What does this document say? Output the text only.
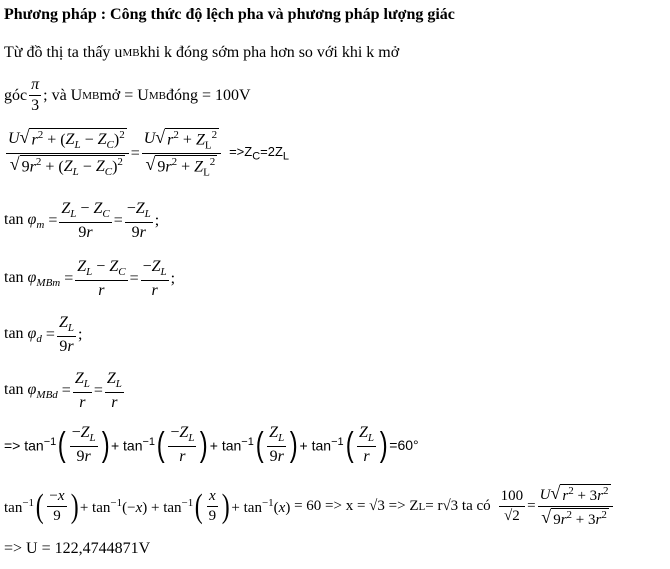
Phương pháp : Công thức độ lệch pha và phương pháp lượng giác
Từ đồ thị ta thấy u MB khi k đóng sớm pha hơn so với khi k mở
góc $\frac{\pi}{3}$ ; và U MB mở = U MB đóng = 100V
$\frac{U √ r^2 + (Z_L - Z_C)^2}{√ 9r^2 + (Z_L - Z_C)^2} = \frac{U √ r^2 + Z_L^2}{√ 9r^2 + Z_L^2} =>Z_C=2Z_L$
$\tan \varphi_m = \frac{Z_L - Z_C}{9r} = \frac{-Z_L}{9r}$ ;
$\tan \varphi_{MBm} = \frac{Z_L - Z_C}{r} = \frac{-Z_L}{r}$ ;
$\tan \varphi_d = \frac{Z_L}{9r}$ ;
$\tan \varphi_{MBd} = \frac{Z_L}{r} = \frac{Z_L}{r}$
=> $\tan^{-1}$ ( $\frac{-Z_L}{9r}$ ) + $\tan^{-1}$ ( $\frac{-Z_L}{r}$ ) + $\tan^{-1}$ ( $\frac{Z_L}{9r}$ ) + $\tan^{-1}$ ( $\frac{Z_L}{r}$ ) =60°
$\tan^{-1}$ ( $\frac{-x}{9}$ ) + $\tan^{-1}(-x) + \tan^{-1}$ ( $\frac{x}{9}$ ) + $\tan^{-1}(x) = 60 => x = √3 => Z$ L = r√3 ta có $\frac{100}{√2} = \frac{U √ r^2 + 3r^2}{√ 9r^2 + 3r^2}$
=> U = 122,4744871V
